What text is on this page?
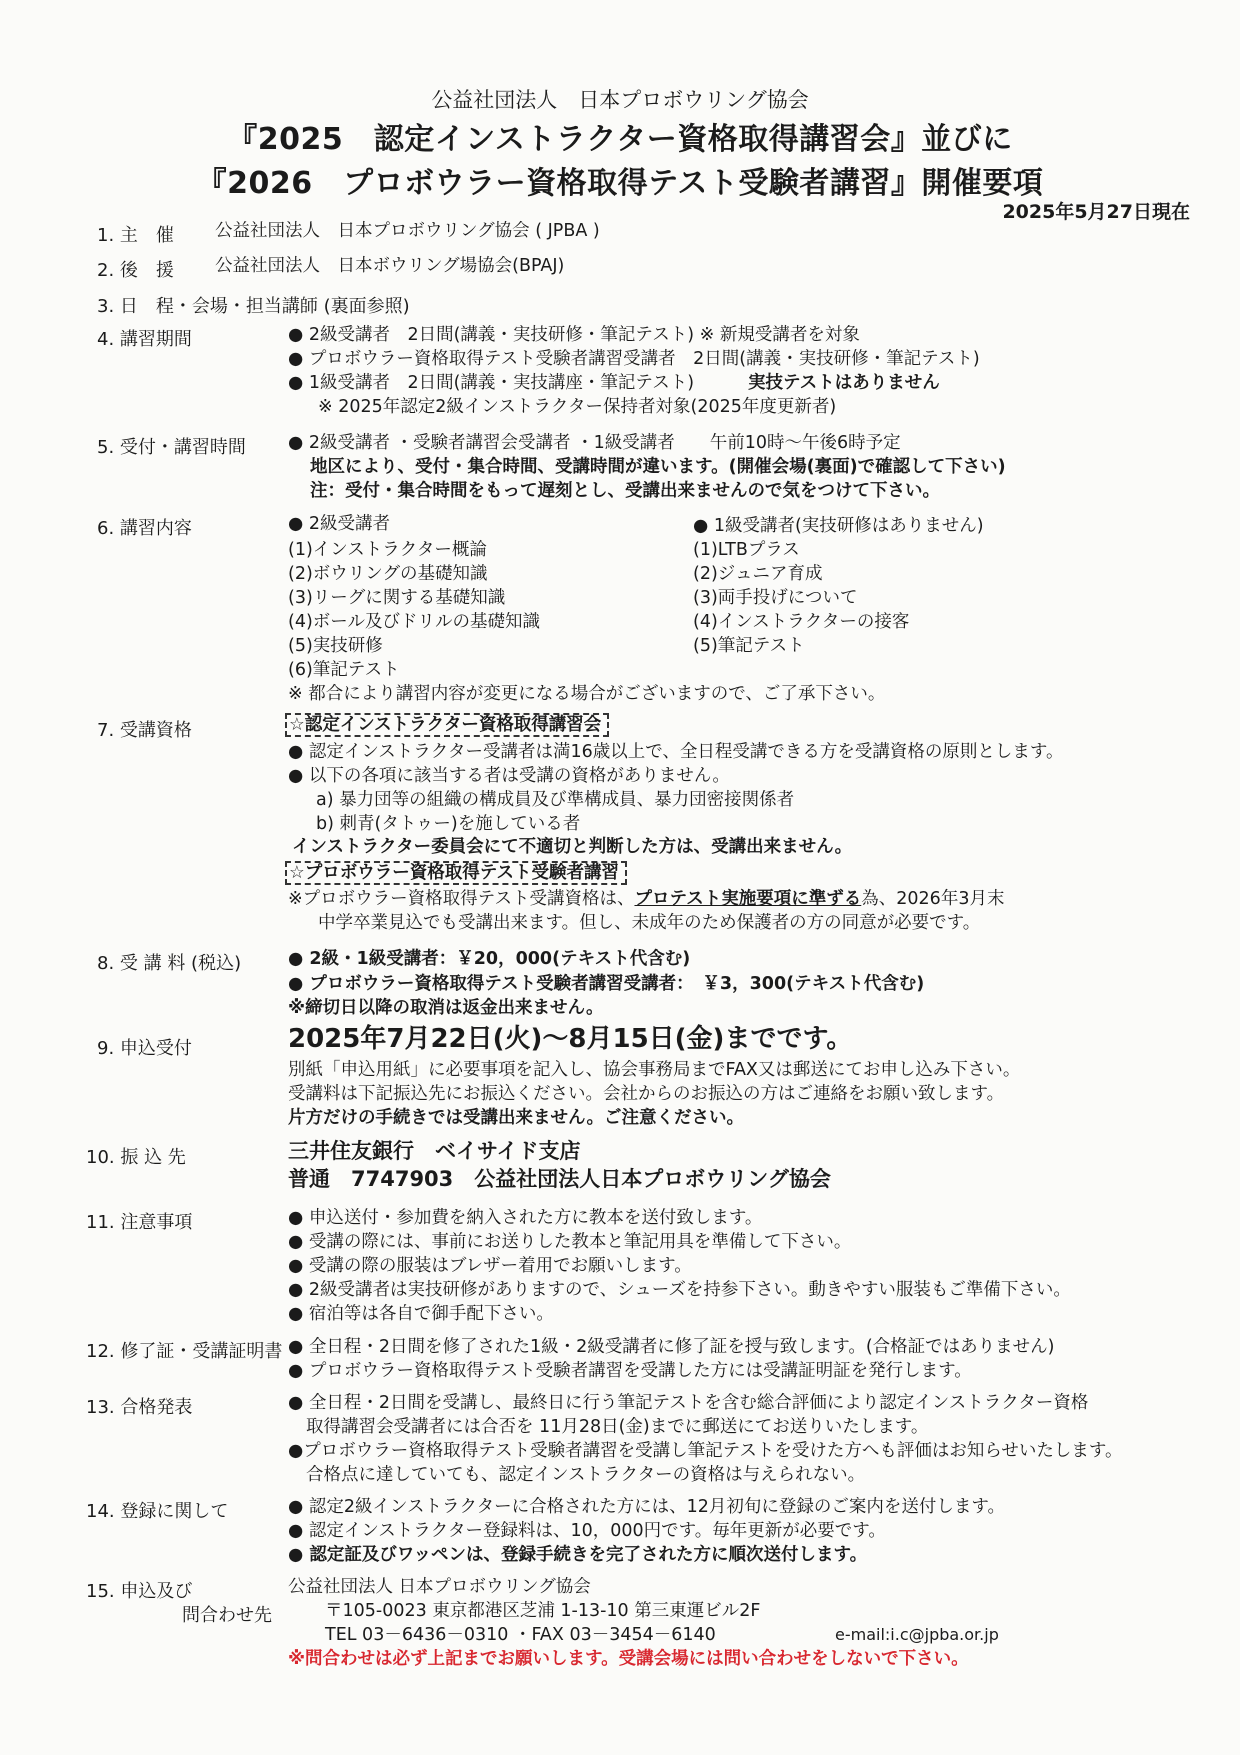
公益社団法人　日本プロボウリング協会
『2025　認定インストラクター資格取得講習会』並びに
『2026　プロボウラー資格取得テスト受験者講習』開催要項
2025年5月27日現在
1. 主　催 公益社団法人　日本プロボウリング協会 ( JPBA )
2. 後　援 公益社団法人　日本ボウリング場協会(BPAJ)
3. 日　程・会場・担当講師 (裏面参照)
4. 講習期間	● 2級受講者　2日間(講義・実技研修・筆記テスト) ※ 新規受講者を対象
● プロボウラー資格取得テスト受験者講習受講者　2日間(講義・実技研修・筆記テスト)
● 1級受講者　2日間(講義・実技講座・筆記テスト)	実技テストはありません
※ 2025年認定2級インストラクター保持者対象(2025年度更新者)
5. 受付・講習時間 ● 2級受講者 ・受験者講習会受講者 ・1級受講者　　午前10時～午後6時予定
地区により、受付・集合時間、受講時間が違います。(開催会場(裏面)で確認して下さい)
注：受付・集合時間をもって遅刻とし、受講出来ませんので気をつけて下さい。
6. 講習内容	● 2級受講者
(1)インストラクター概論
(2)ボウリングの基礎知識
(3)リーグに関する基礎知識
(4)ボール及びドリルの基礎知識
(5)実技研修
(6)筆記テスト
● 1級受講者(実技研修はありません)
(1)LTBプラス
(2)ジュニア育成
(3)両手投げについて
(4)インストラクターの接客
(5)筆記テスト
※ 都合により講習内容が変更になる場合がございますので、ご了承下さい。
7. 受講資格	☆認定インストラクター資格取得講習会
● 認定インストラクター受講者は満16歳以上で、全日程受講できる方を受講資格の原則とします。
● 以下の各項に該当する者は受講の資格がありません。
a) 暴力団等の組織の構成員及び準構成員、暴力団密接関係者
b) 刺青(タトゥー)を施している者
インストラクター委員会にて不適切と判断した方は、受講出来ません。
☆プロボウラー資格取得テスト受験者講習
※プロボウラー資格取得テスト受講資格は、プロテスト実施要項に準ずる為、2026年3月末
中学卒業見込でも受講出来ます。但し、未成年のため保護者の方の同意が必要です。
8. 受 講 料 (税込)	● 2級・1級受講者：￥20，000(テキスト代含む)
● プロボウラー資格取得テスト受験者講習受講者：　￥3，300(テキスト代含む)
※締切日以降の取消は返金出来ません。
9. 申込受付	2025年7月22日(火)～8月15日(金)までです。
別紙「申込用紙」に必要事項を記入し、協会事務局までFAX又は郵送にてお申し込み下さい。
受講料は下記振込先にお振込ください。会社からのお振込の方はご連絡をお願い致します。
片方だけの手続きでは受講出来ません。ご注意ください。
10. 振 込 先	三井住友銀行　ベイサイド支店
普通　7747903　公益社団法人日本プロボウリング協会
11. 注意事項	● 申込送付・参加費を納入された方に教本を送付致します。
● 受講の際には、事前にお送りした教本と筆記用具を準備して下さい。
● 受講の際の服装はブレザー着用でお願いします。
● 2級受講者は実技研修がありますので、シューズを持参下さい。動きやすい服装もご準備下さい。
● 宿泊等は各自で御手配下さい。
12. 修了証・受講証明書 ● 全日程・2日間を修了された1級・2級受講者に修了証を授与致します。(合格証ではありません)
● プロボウラー資格取得テスト受験者講習を受講した方には受講証明証を発行します。
13. 合格発表	● 全日程・2日間を受講し、最終日に行う筆記テストを含む総合評価により認定インストラクター資格
取得講習会受講者には合否を 11月28日(金)までに郵送にてお送りいたします。
●プロボウラー資格取得テスト受験者講習を受講し筆記テストを受けた方へも評価はお知らせいたします。
合格点に達していても、認定インストラクターの資格は与えられない。
14. 登録に関して	● 認定2級インストラクターに合格された方には、12月初旬に登録のご案内を送付します。
● 認定インストラクター登録料は、10，000円です。毎年更新が必要です。
● 認定証及びワッペンは、登録手続きを完了された方に順次送付します。
15. 申込及び
問合わせ先
公益社団法人 日本プロボウリング協会
〒105-0023 東京都港区芝浦 1-13-10 第三東運ビル2F
TEL 03－6436－0310 ・FAX 03－3454－6140	e-mail:i.c@jpba.or.jp
※問合わせは必ず上記までお願いします。受講会場には問い合わせをしないで下さい。
